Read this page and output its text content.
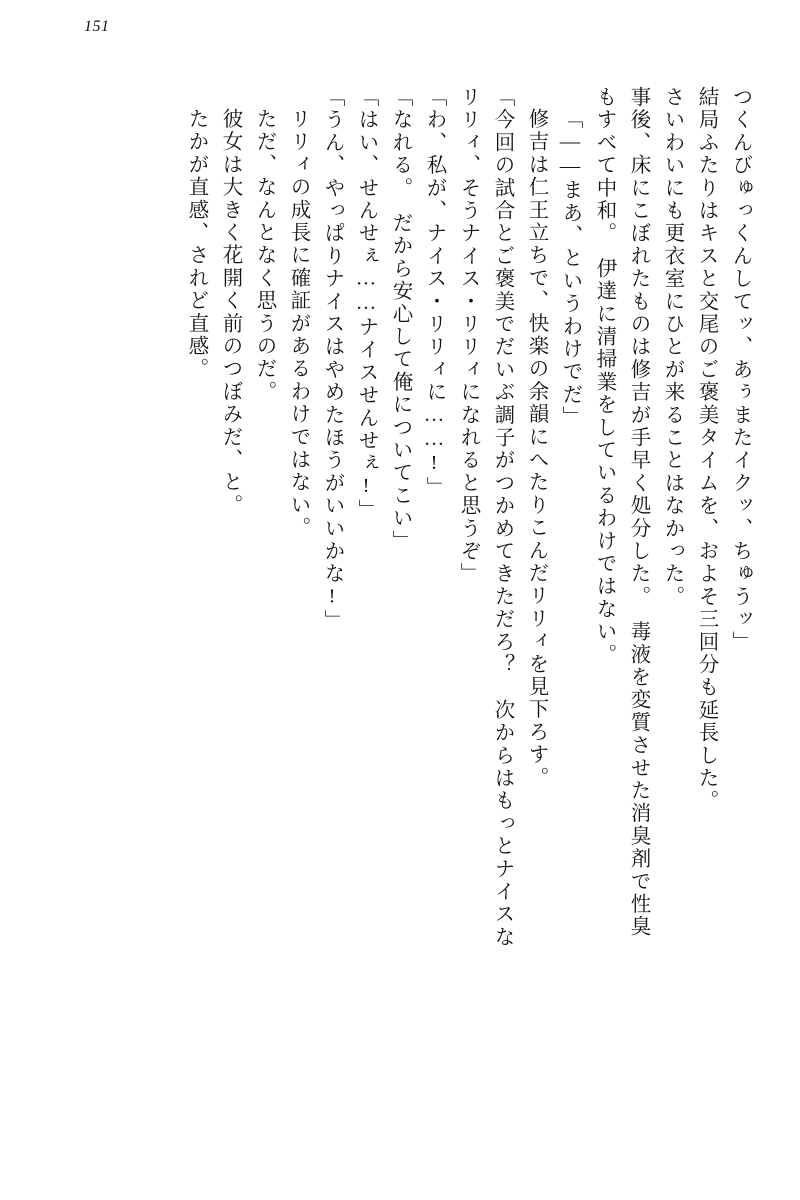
151
つくんびゅっくんしてッ、あぅまたイクッ、ちゅうッ」
結局ふたりはキスと交尾のご褒美タイムを、およそ三回分も延長した。
さいわいにも更衣室にひとが来ることはなかった。
事後、床にこぼれたものは修吉が手早く処分した。　毒液を変質させた消臭剤で性臭
もすべて中和。　伊達に清掃業をしているわけではない。
「――まあ、というわけでだ」
修吉は仁王立ちで、快楽の余韻にへたりこんだリリィを見下ろす。
「今回の試合とご褒美でだいぶ調子がつかめてきただろ？　次からはもっとナイスな
リリィ、そうナイス・リリィになれると思うぞ」
「わ、私が、ナイス・リリィに……!」
「なれる。　だから安心して俺についてこい」
「はい、せんせぇ……ナイスせんせぇ!」
「うん、やっぱりナイスはやめたほうがいいかな!」
リリィの成長に確証があるわけではない。
ただ、なんとなく思うのだ。
彼女は大きく花開く前のつぼみだ、と。
たかが直感、されど直感。
